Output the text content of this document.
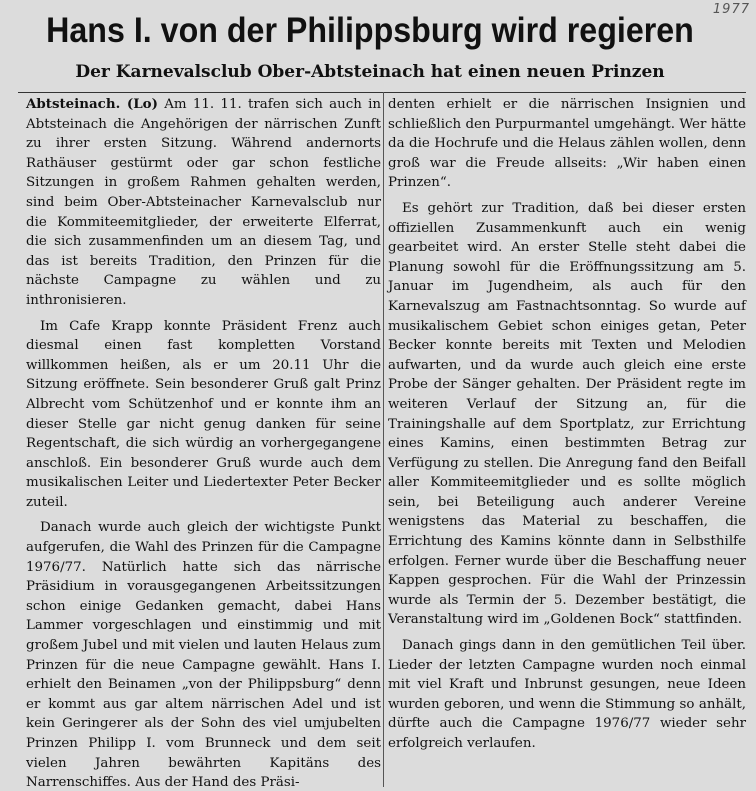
1977
Hans I. von der Philippsburg wird regieren
Der Karnevalsclub Ober-Abtsteinach hat einen neuen Prinzen

Abtsteinach. (Lo) Am 11. 11. trafen sich auch in Abtsteinach die Angehörigen der närrischen Zunft zu ihrer ersten Sitzung. Während andernorts Rathäuser gestürmt oder gar schon festliche Sitzungen in großem Rahmen gehalten werden, sind beim Ober-Abtsteinacher Karnevalsclub nur die Kommiteemitglieder, der erweiterte Elferrat, die sich zusammenfinden um an diesem Tag, und das ist bereits Tradition, den Prinzen für die nächste Campagne zu wählen und zu inthronisieren.

Im Cafe Krapp konnte Präsident Frenz auch diesmal einen fast kompletten Vorstand willkommen heißen, als er um 20.11 Uhr die Sitzung eröffnete. Sein besonderer Gruß galt Prinz Albrecht vom Schützenhof und er konnte ihm an dieser Stelle gar nicht genug danken für seine Regentschaft, die sich würdig an vorhergegangene anschloß. Ein besonderer Gruß wurde auch dem musikalischen Leiter und Liedertexter Peter Becker zuteil.

Danach wurde auch gleich der wichtigste Punkt aufgerufen, die Wahl des Prinzen für die Campagne 1976/77. Natürlich hatte sich das närrische Präsidium in vorausgegangenen Arbeitssitzungen schon einige Gedanken gemacht, dabei Hans Lammer vorgeschlagen und einstimmig und mit großem Jubel und mit vielen und lauten Helaus zum Prinzen für die neue Campagne gewählt. Hans I. erhielt den Beinamen „von der Philippsburg“ denn er kommt aus gar altem närrischen Adel und ist kein Geringerer als der Sohn des viel umjubelten Prinzen Philipp I. vom Brunneck und dem seit vielen Jahren bewährten Kapitäns des Narrenschiffes. Aus der Hand des Präsi-

denten erhielt er die närrischen Insignien und schließlich den Purpurmantel umgehängt. Wer hätte da die Hochrufe und die Helaus zählen wollen, denn groß war die Freude allseits: „Wir haben einen Prinzen“.

Es gehört zur Tradition, daß bei dieser ersten offiziellen Zusammenkunft auch ein wenig gearbeitet wird. An erster Stelle steht dabei die Planung sowohl für die Eröffnungssitzung am 5. Januar im Jugendheim, als auch für den Karnevalszug am Fastnachtsonntag. So wurde auf musikalischem Gebiet schon einiges getan, Peter Becker konnte bereits mit Texten und Melodien aufwarten, und da wurde auch gleich eine erste Probe der Sänger gehalten. Der Präsident regte im weiteren Verlauf der Sitzung an, für die Trainingshalle auf dem Sportplatz, zur Errichtung eines Kamins, einen bestimmten Betrag zur Verfügung zu stellen. Die Anregung fand den Beifall aller Kommiteemitglieder und es sollte möglich sein, bei Beteiligung auch anderer Vereine wenigstens das Material zu beschaffen, die Errichtung des Kamins könnte dann in Selbsthilfe erfolgen. Ferner wurde über die Beschaffung neuer Kappen gesprochen. Für die Wahl der Prinzessin wurde als Termin der 5. Dezember bestätigt, die Veranstaltung wird im „Goldenen Bock“ stattfinden.

Danach gings dann in den gemütlichen Teil über. Lieder der letzten Campagne wurden noch einmal mit viel Kraft und Inbrunst gesungen, neue Ideen wurden geboren, und wenn die Stimmung so anhält, dürfte auch die Campagne 1976/77 wieder sehr erfolgreich verlaufen.
